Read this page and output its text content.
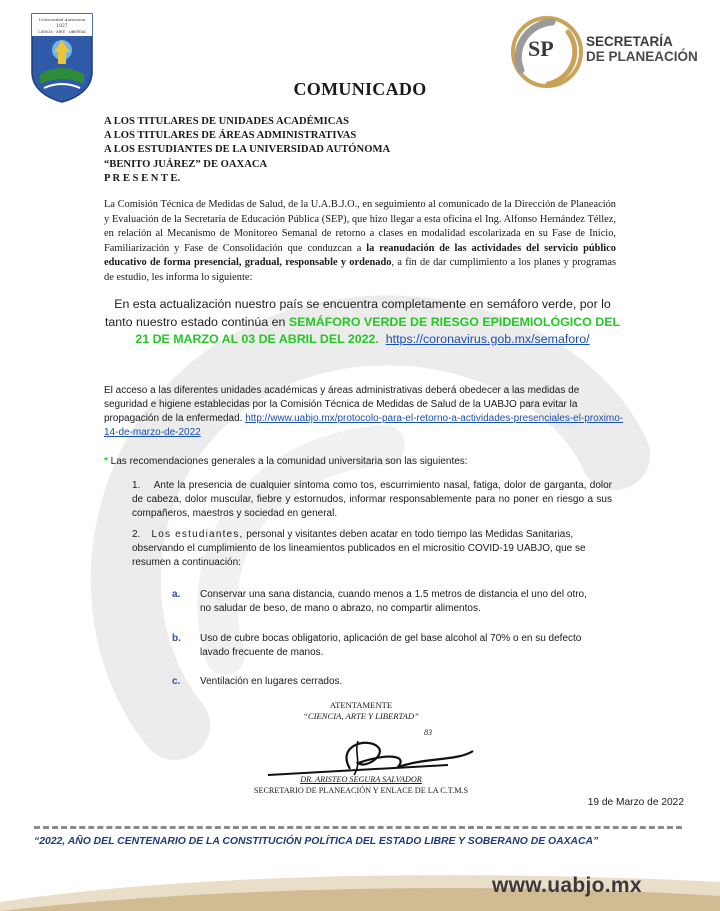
Universidad Autónoma
1827
CIENCIA · ARTE · LIBERTAD
SP SECRETARÍA
DE PLANEACIÓN
COMUNICADO
A LOS TITULARES DE UNIDADES ACADÉMICAS
A LOS TITULARES DE ÁREAS ADMINISTRATIVAS
A LOS ESTUDIANTES DE LA UNIVERSIDAD AUTÓNOMA
“BENITO JUÁREZ” DE OAXACA
P R E S E N T E.
La Comisión Técnica de Medidas de Salud, de la U.A.B.J.O., en seguimiento al comunicado de la Dirección de Planeación y Evaluación de la Secretaría de Educación Pública (SEP), que hizo llegar a esta oficina el Ing. Alfonso Hernández Téllez, en relación al Mecanismo de Monitoreo Semanal de retorno a clases en modalidad escolarizada en su Fase de Inicio, Familiarización y Fase de Consolidación que conduzcan a la reanudación de las actividades del servicio público educativo de forma presencial, gradual, responsable y ordenado, a fin de dar cumplimiento a los planes y programas de estudio, les informa lo siguiente:
En esta actualización nuestro país se encuentra completamente en semáforo verde, por lo tanto nuestro estado continúa en SEMÁFORO VERDE DE RIESGO EPIDEMIOLÓGICO DEL 21 DE MARZO AL 03 DE ABRIL DEL 2022. https://coronavirus.gob.mx/semaforo/
El acceso a las diferentes unidades académicas y áreas administrativas deberá obedecer a las medidas de seguridad e higiene establecidas por la Comisión Técnica de Medidas de Salud de la UABJO para evitar la propagación de la enfermedad. http://www.uabjo.mx/protocolo-para-el-retorno-a-actividades-presenciales-el-proximo-14-de-marzo-de-2022
* Las recomendaciones generales a la comunidad universitaria son las siguientes:
1. Ante la presencia de cualquier síntoma como tos, escurrimiento nasal, fatiga, dolor de garganta, dolor de cabeza, dolor muscular, fiebre y estornudos, informar responsablemente para no poner en riesgo a sus compañeros, maestros y sociedad en general.
2. Los estudiantes, personal y visitantes deben acatar en todo tiempo las Medidas Sanitarias, observando el cumplimiento de los lineamientos publicados en el micrositio COVID-19 UABJO, que se resumen a continuación:
a. Conservar una sana distancia, cuando menos a 1.5 metros de distancia el uno del otro,
no saludar de beso, de mano o abrazo, no compartir alimentos.
b. Uso de cubre bocas obligatorio, aplicación de gel base alcohol al 70% o en su defecto
lavado frecuente de manos.
c. Ventilación en lugares cerrados.
ATENTAMENTE
“CIENCIA, ARTE Y LIBERTAD”
83
DR. ARISTEO SEGURA SALVADOR
SECRETARIO DE PLANEACIÓN Y ENLACE DE LA C.T.M.S
19 de Marzo de 2022
“2022, AÑO DEL CENTENARIO DE LA CONSTITUCIÓN POLÍTICA DEL ESTADO LIBRE Y SOBERANO DE OAXACA”
www.uabjo.mx
